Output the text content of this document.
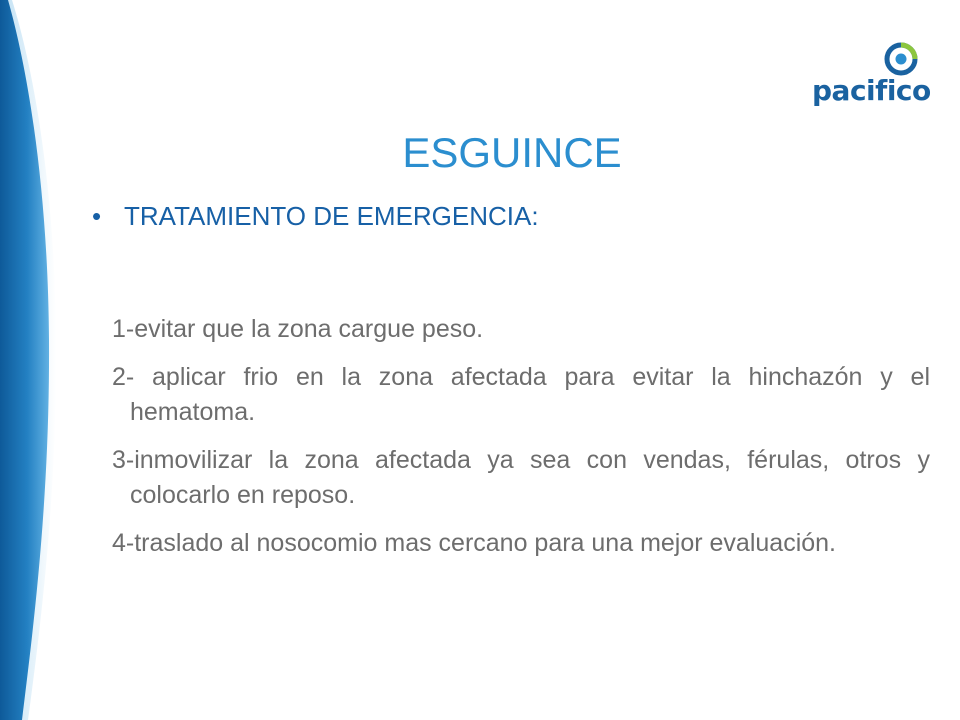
pacifico
ESGUINCE

• TRATAMIENTO DE EMERGENCIA:

1-evitar que la zona cargue peso.
2- aplicar frio en la zona afectada para evitar la hinchazón y el hematoma.
3-inmovilizar la zona afectada ya sea con vendas, férulas, otros y colocarlo en reposo.
4-traslado al nosocomio mas cercano para una mejor evaluación.
